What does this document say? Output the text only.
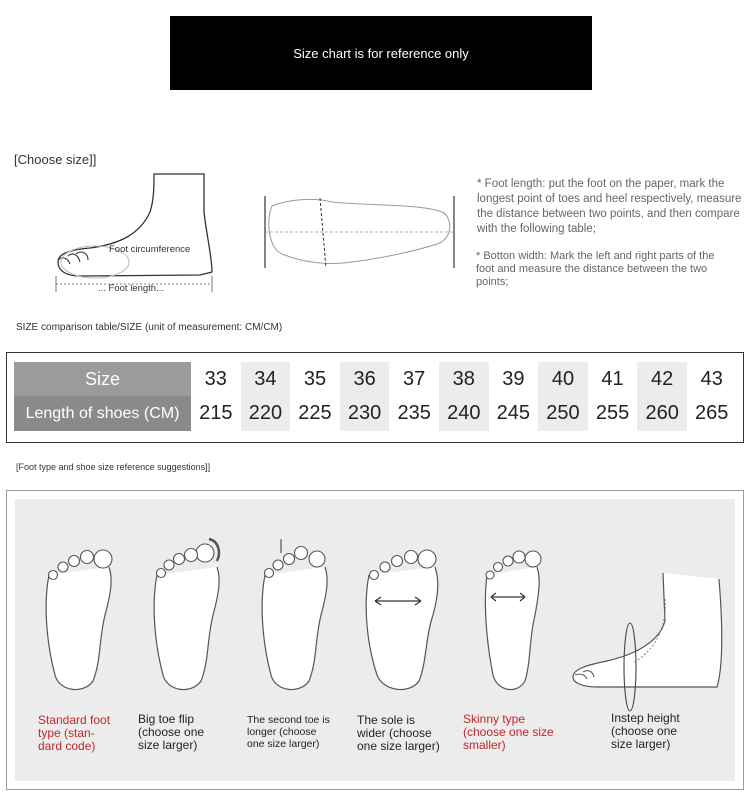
Size chart is for reference only
[Choose size]]
Foot circumference
... Foot length...
* Foot length: put the foot on the paper, mark the longest point of toes and heel respectively, measure the distance between two points, and then compare with the following table;
* Botton width: Mark the left and right parts of the foot and measure the distance between the two points;
SIZE comparison table/SIZE (unit of measurement: CM/CM)
Size	33	34	35	36	37	38	39	40	41	42	43
Length of shoes (CM)	215	220	225	230	235	240	245	250	255	260	265
[Foot type and shoe size reference suggestions]]
Standard foot
type (stan-
dard code)
Big toe flip
(choose one
size larger)
The second toe is
longer (choose
one size larger)
The sole is
wider (choose
one size larger)
Skinny type
(choose one size
smaller)
Instep height
(choose one
size larger)
